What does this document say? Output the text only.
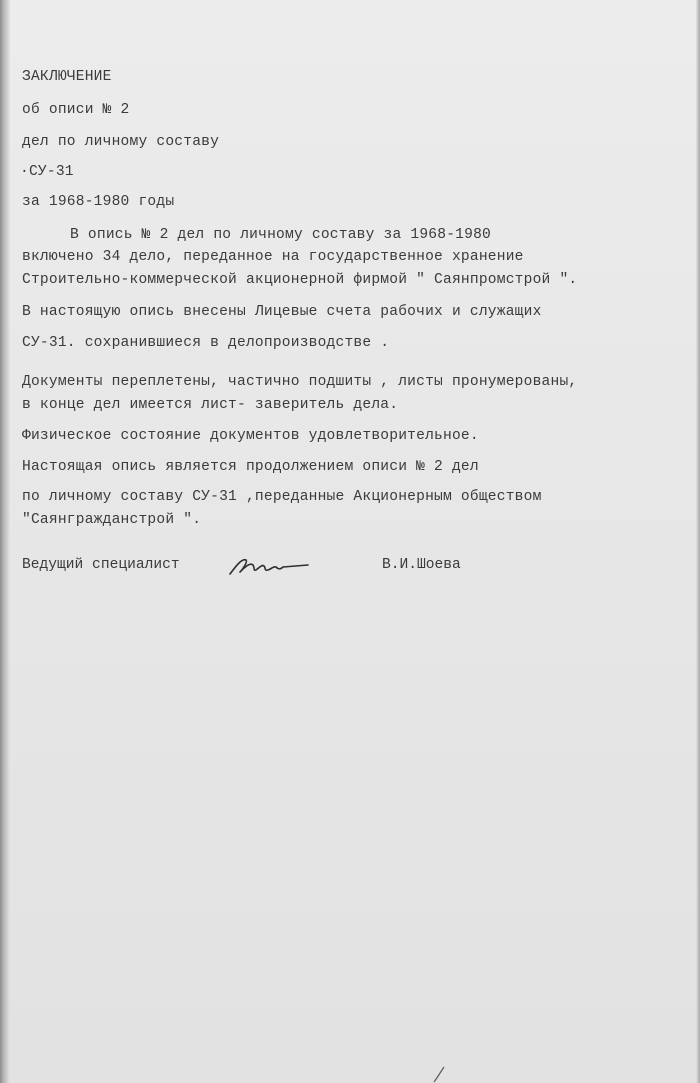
ЗАКЛЮЧЕНИЕ
об описи № 2
дел по личному составу
·СУ-31
за 1968-1980 годы
В опись № 2 дел по личному составу за 1968-1980
включено 34 дело, переданное на государственное хранение
Строительно-коммерческой акционерной фирмой " Саянпромстрой ".
В настоящую опись внесены Лицевые счета рабочих и служащих
СУ-31. сохранившиеся в делопроизводстве .
Документы переплетены, частично подшиты , листы пронумерованы,
в конце дел имеется лист- заверитель дела.
Физическое состояние документов удовлетворительное.
Настоящая опись является продолжением описи № 2 дел
по личному составу СУ-31 ,переданные Акционерным обществом
"Саянгражданстрой ".
Ведущий специалист	В.И.Шоева
